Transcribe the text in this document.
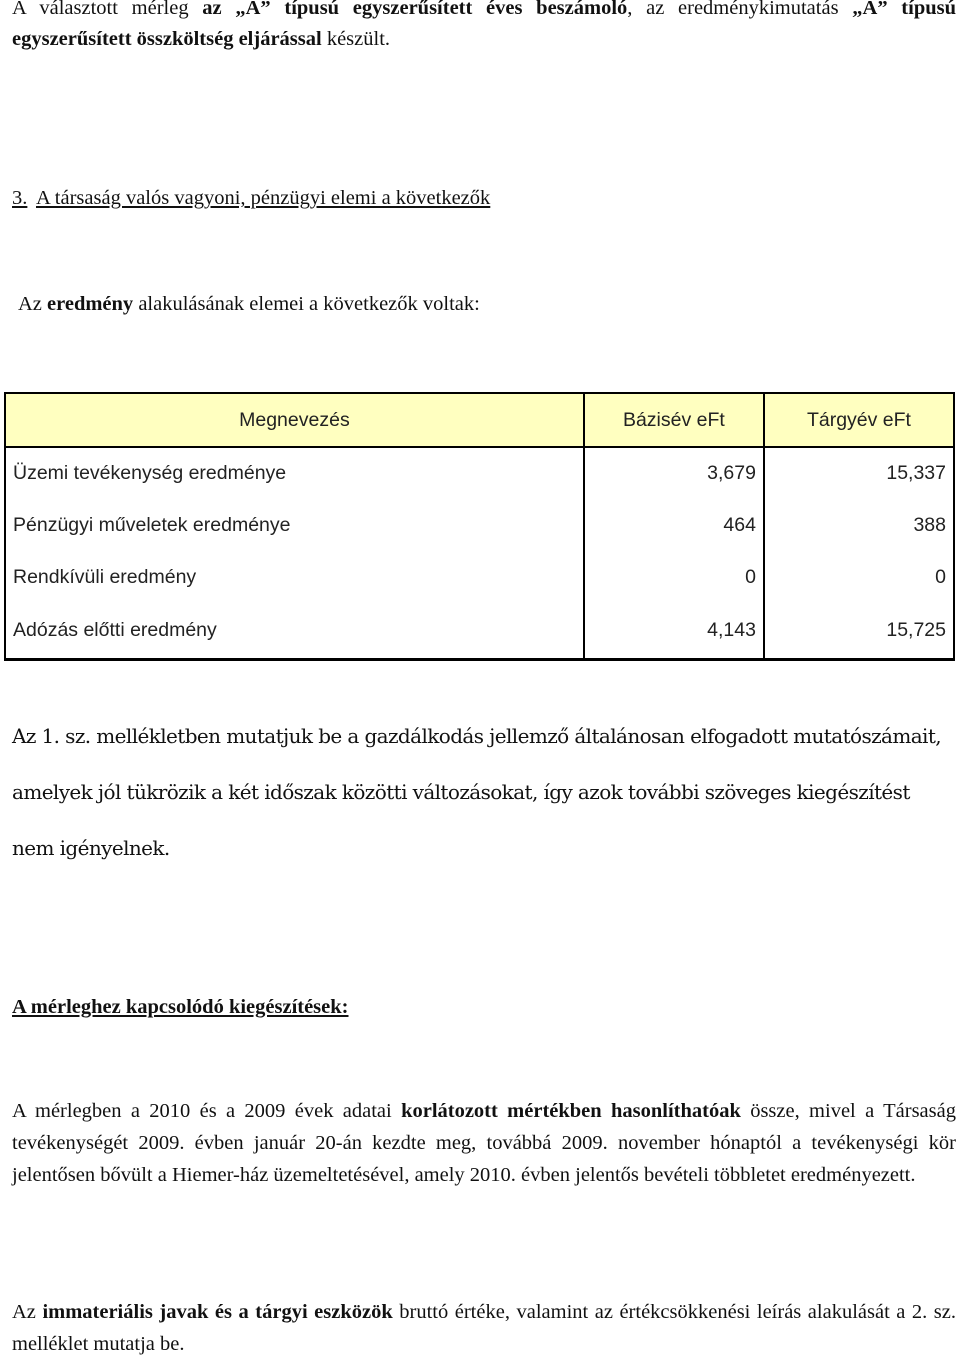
A választott mérleg az „A” típusú egyszerűsített éves beszámoló, az eredménykimutatás „A” típusú egyszerűsített összköltség eljárással készült.
3. A társaság valós vagyoni, pénzügyi elemi a következők
Az eredmény alakulásának elemei a következők voltak:
Megnevezés	Bázisév eFt	Tárgyév eFt
Üzemi tevékenység eredménye	3,679	15,337
Pénzügyi műveletek eredménye	464	388
Rendkívüli eredmény	0	0
Adózás előtti eredmény	4,143	15,725
Az 1. sz. mellékletben mutatjuk be a gazdálkodás jellemző általánosan elfogadott mutatószámait,
amelyek jól tükrözik a két időszak közötti változásokat, így azok további szöveges kiegészítést
nem igényelnek.
A mérleghez kapcsolódó kiegészítések:
A mérlegben a 2010 és a 2009 évek adatai korlátozott mértékben hasonlíthatóak össze, mivel a Társaság tevékenységét 2009. évben január 20-án kezdte meg, továbbá 2009. november hónaptól a tevékenységi kör jelentősen bővült a Hiemer-ház üzemeltetésével, amely 2010. évben jelentős bevételi többletet eredményezett.
Az immateriális javak és a tárgyi eszközök bruttó értéke, valamint az értékcsökkenési leírás alakulását a 2. sz. melléklet mutatja be.
